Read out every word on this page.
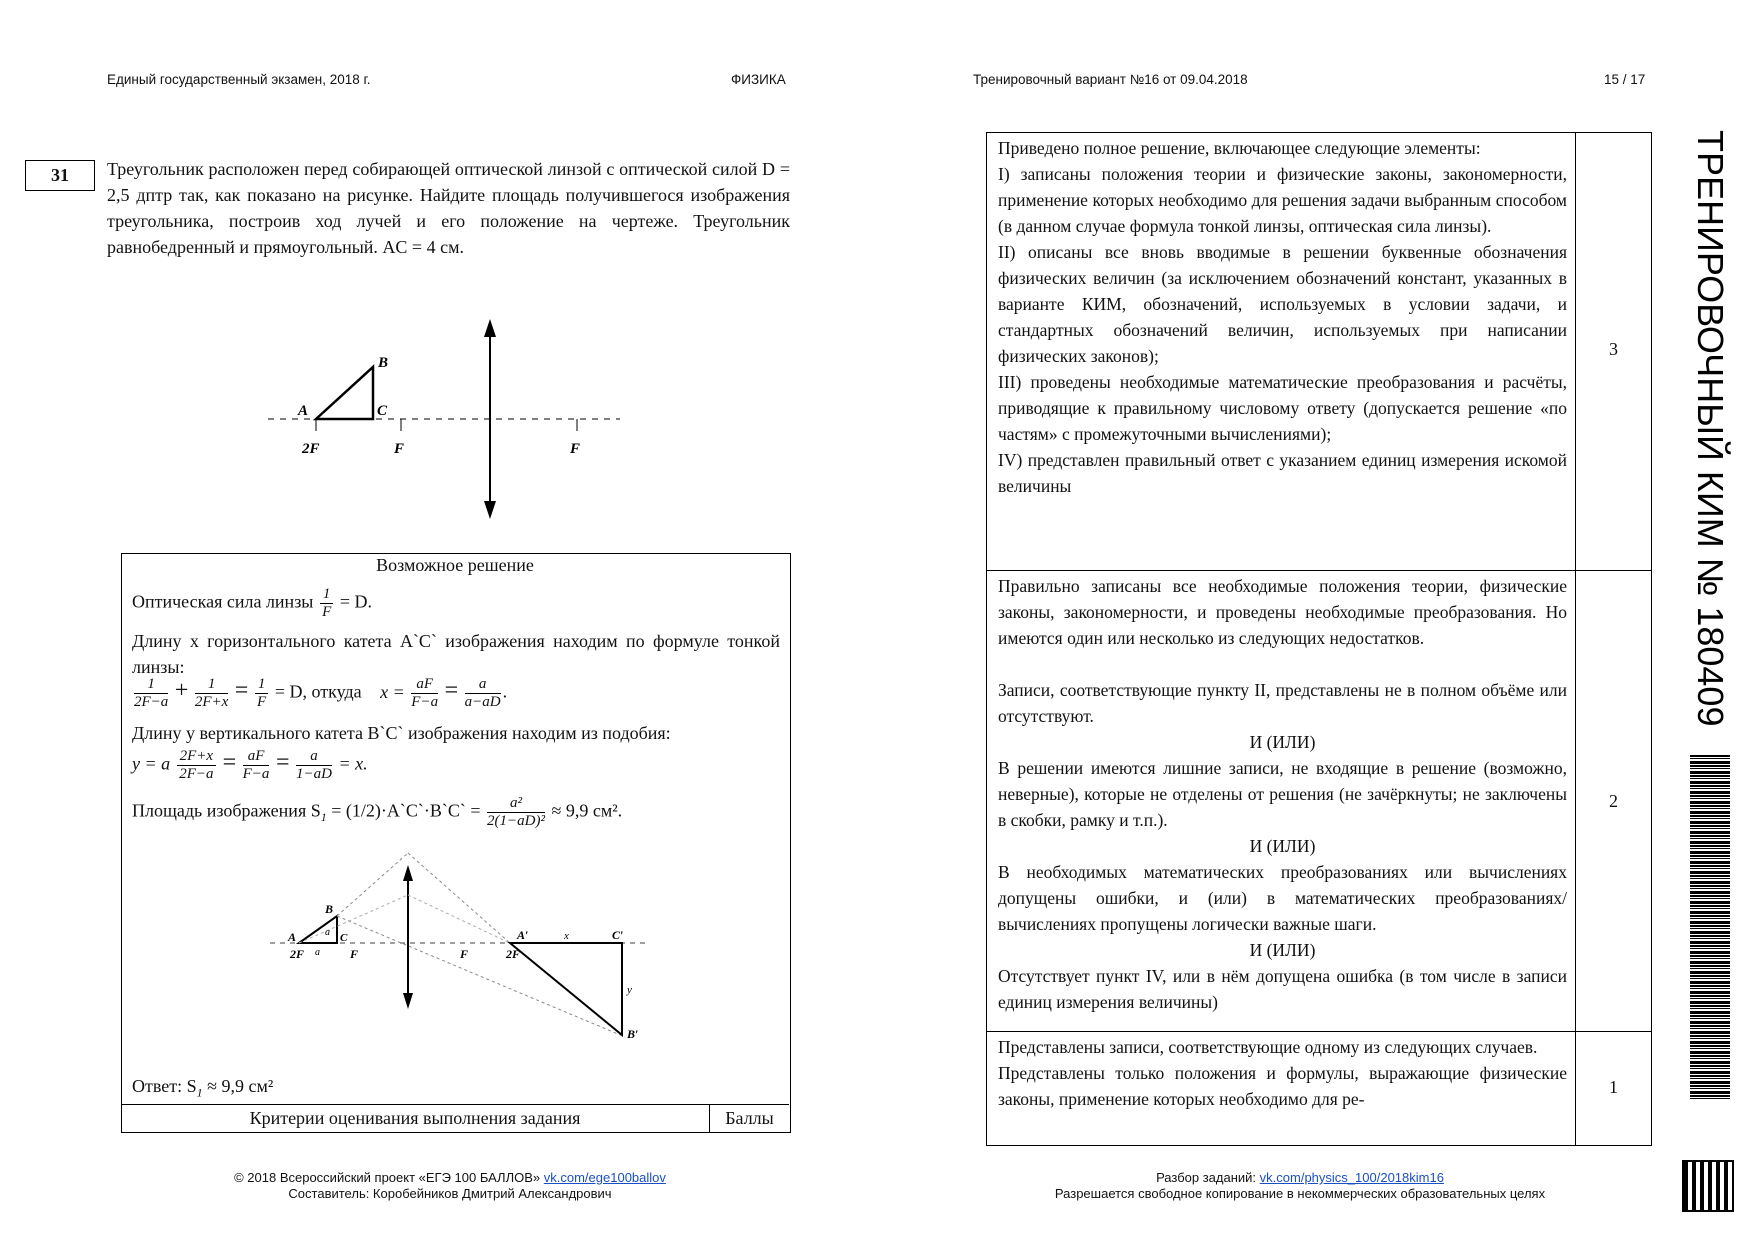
Единый государственный экзамен, 2018 г.	ФИЗИКА	Тренировочный вариант №16 от 09.04.2018	15 / 17
31	Треугольник расположен перед собирающей оптической линзой с оптической силой D = 2,5 дптр так, как показано на рисунке. Найдите площадь получившегося изображения треугольника, построив ход лучей и его положение на чертеже. Треугольник равнобедренный и прямоугольный. AC = 4 см.
A
B
C
2F	F	F
Возможное решение
Оптическая сила линзы $\frac{1}{F} = D$.
Длину x горизонтального катета A`C` изображения находим по формуле тонкой линзы:
$\frac{1}{2F-a} + \frac{1}{2F+x} = \frac{1}{F} = D$, откуда $x = \frac{aF}{F-a} = \frac{a}{a-aD}$ .
Длину y вертикального катета B`C` изображения находим из подобия:
y = a $\frac{2F+x}{2F-a} = \frac{aF}{F-a} = \frac{a}{1-aD} = x$.
Площадь изображения $S_1$ = (1/2)·A`C`·B`C` = $\frac{\text{a²}}{\text{2(1−aD)²}} \approx 9,9$ см².
A
B
C
a
a
2F	F	F	2F
A′	C′
B′
x
y
Ответ: $S_1 \approx 9,9$ см²
Критерии оценивания выполнения задания	Баллы
Приведено полное решение, включающее следующие элементы:
I) записаны положения теории и физические законы, закономерности, применение которых необходимо для решения задачи выбранным способом (в данном случае формула тонкой линзы, оптическая сила линзы).
II) описаны все вновь вводимые в решении буквенные обозначения физических величин (за исключением обозначений констант, указанных в варианте КИМ, обозначений, используемых в условии задачи, и стандартных обозначений величин, используемых при написании физических законов);
III) проведены необходимые математические преобразования и расчёты, приводящие к правильному числовому ответу (допускается решение «по частям» с промежуточными вычислениями);
IV) представлен правильный ответ с указанием единиц измерения искомой величины
3
Правильно записаны все необходимые положения теории, физические законы, закономерности, и проведены необходимые преобразования. Но имеются один или несколько из следующих недостатков.
Записи, соответствующие пункту II, представлены не в полном объёме или отсутствуют.
И (ИЛИ)
В решении имеются лишние записи, не входящие в решение (возможно, неверные), которые не отделены от решения (не зачёркнуты; не заключены в скобки, рамку и т.п.).
И (ИЛИ)
В необходимых математических преобразованиях или вычислениях допущены ошибки, и (или) в математических преобразованиях/ вычислениях пропущены логически важные шаги.
И (ИЛИ)
Отсутствует пункт IV, или в нём допущена ошибка (в том числе в записи единиц измерения величины)
2
Представлены записи, соответствующие одному из следующих случаев.
Представлены только положения и формулы, выражающие физические законы, применение которых необходимо для ре-
1
ТРЕНИРОВОЧНЫЙ КИМ № 180409
© 2018 Всероссийский проект «ЕГЭ 100 БАЛЛОВ» vk.com/ege100ballov
Составитель: Коробейников Дмитрий Александрович
Разбор заданий: vk.com/physics_100/2018kim16
Разрешается свободное копирование в некоммерческих образовательных целях
